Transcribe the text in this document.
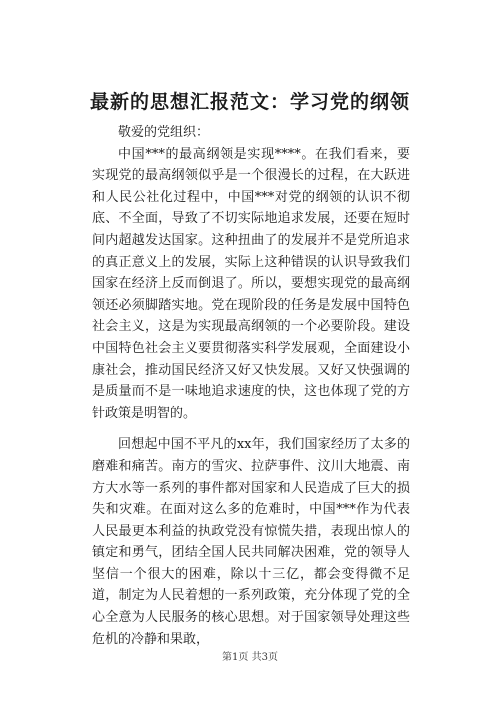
最新的思想汇报范文：学习党的纲领

敬爱的党组织：

中国***的最高纲领是实现****。在我们看来，要实现党的最高纲领似乎是一个很漫长的过程，在大跃进和人民公社化过程中，中国***对党的纲领的认识不彻底、不全面，导致了不切实际地追求发展，还要在短时间内超越发达国家。这种扭曲了的发展并不是党所追求的真正意义上的发展，实际上这种错误的认识导致我们国家在经济上反而倒退了。所以，要想实现党的最高纲领还必须脚踏实地。党在现阶段的任务是发展中国特色社会主义，这是为实现最高纲领的一个必要阶段。建设中国特色社会主义要贯彻落实科学发展观，全面建设小康社会，推动国民经济又好又快发展。又好又快强调的是质量而不是一味地追求速度的快，这也体现了党的方针政策是明智的。

回想起中国不平凡的xx年，我们国家经历了太多的磨难和痛苦。南方的雪灾、拉萨事件、汶川大地震、南方大水等一系列的事件都对国家和人民造成了巨大的损失和灾难。在面对这么多的危难时，中国***作为代表人民最更本利益的执政党没有惊慌失措，表现出惊人的镇定和勇气，团结全国人民共同解决困难，党的领导人坚信一个很大的困难，除以十三亿，都会变得微不足道，制定为人民着想的一系列政策，充分体现了党的全心全意为人民服务的核心思想。对于国家领导处理这些危机的冷静和果敢，

第1页 共3页
